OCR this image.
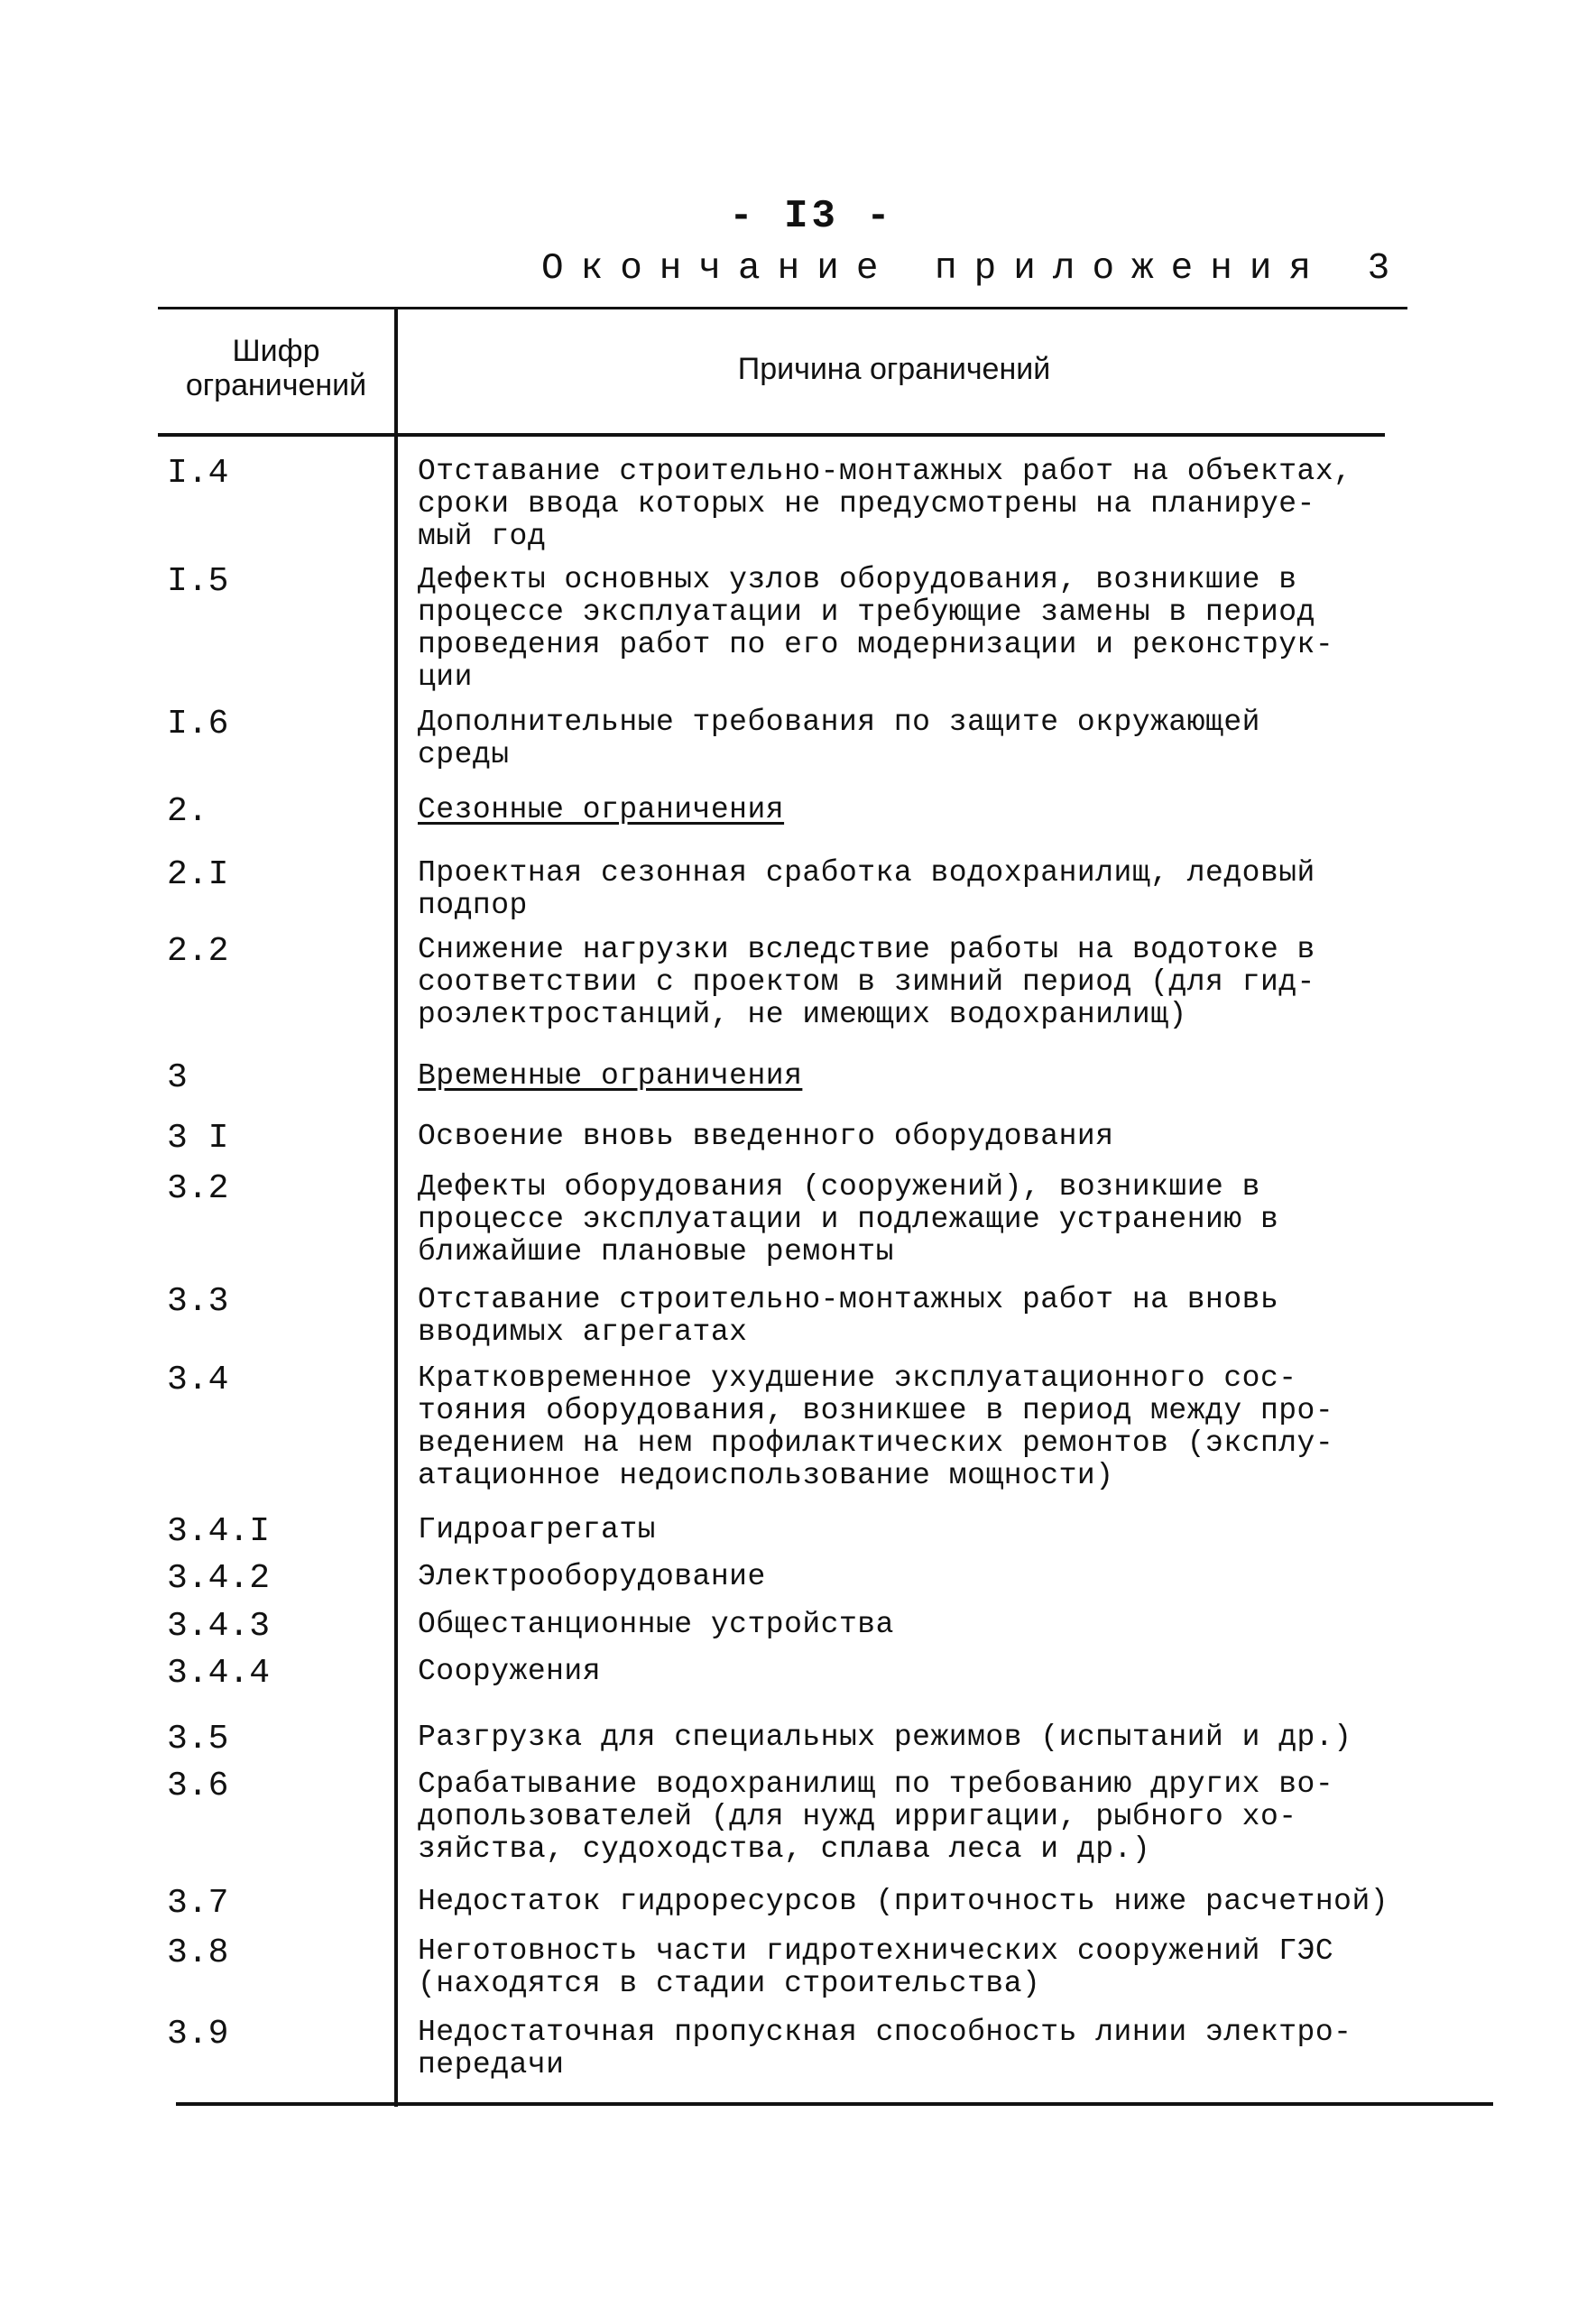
- I3 -
Окончание приложения 3
Шифр
ограничений	Причина ограничений
I.4	Отставание строительно-монтажных работ на объектах,
сроки ввода которых не предусмотрены на планируе-
мый год
I.5	Дефекты основных узлов оборудования, возникшие в
процессе эксплуатации и требующие замены в период
проведения работ по его модернизации и реконструк-
ции
I.6	Дополнительные требования по защите окружающей
среды
2.	Сезонные ограничения
2.I	Проектная сезонная сработка водохранилищ, ледовый
подпор
2.2	Снижение нагрузки вследствие работы на водотоке в
соответствии с проектом в зимний период (для гид-
роэлектростанций, не имеющих водохранилищ)
3	Временные ограничения
3 I	Освоение вновь введенного оборудования
3.2	Дефекты оборудования (сооружений), возникшие в
процессе эксплуатации и подлежащие устранению в
ближайшие плановые ремонты
3.3	Отставание строительно-монтажных работ на вновь
вводимых агрегатах
3.4	Кратковременное ухудшение эксплуатационного сос-
тояния оборудования, возникшее в период между про-
ведением на нем профилактических ремонтов (эксплу-
атационное недоиспользование мощности)
3.4.I	Гидроагрегаты
3.4.2	Электрооборудование
3.4.3	Общестанционные устройства
3.4.4	Сооружения
3.5	Разгрузка для специальных режимов (испытаний и др.)
3.6	Срабатывание водохранилищ по требованию других во-
допользователей (для нужд ирригации, рыбного хо-
зяйства, судоходства, сплава леса и др.)
3.7	Недостаток гидроресурсов (приточность ниже расчетной)
3.8	Неготовность части гидротехнических сооружений ГЭС
(находятся в стадии строительства)
3.9	Недостаточная пропускная способность линии электро-
передачи
